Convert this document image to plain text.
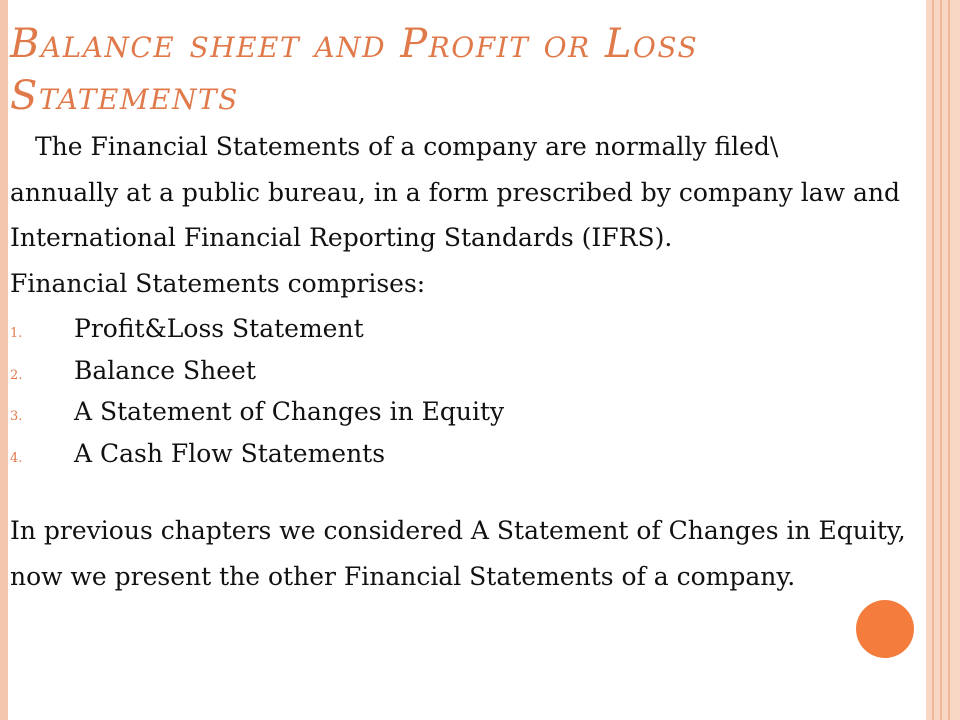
Balance sheet and Profit or Loss Statements
The Financial Statements of a company are normally filed\
annually at a public bureau, in a form prescribed by company law and International Financial Reporting Standards (IFRS).
Financial Statements comprises:
1.	Profit&Loss Statement
2.	Balance Sheet
3.	A Statement of Changes in Equity
4.	A Cash Flow Statements
In previous chapters we considered A Statement of Changes in Equity, now we present the other Financial Statements of a company.
